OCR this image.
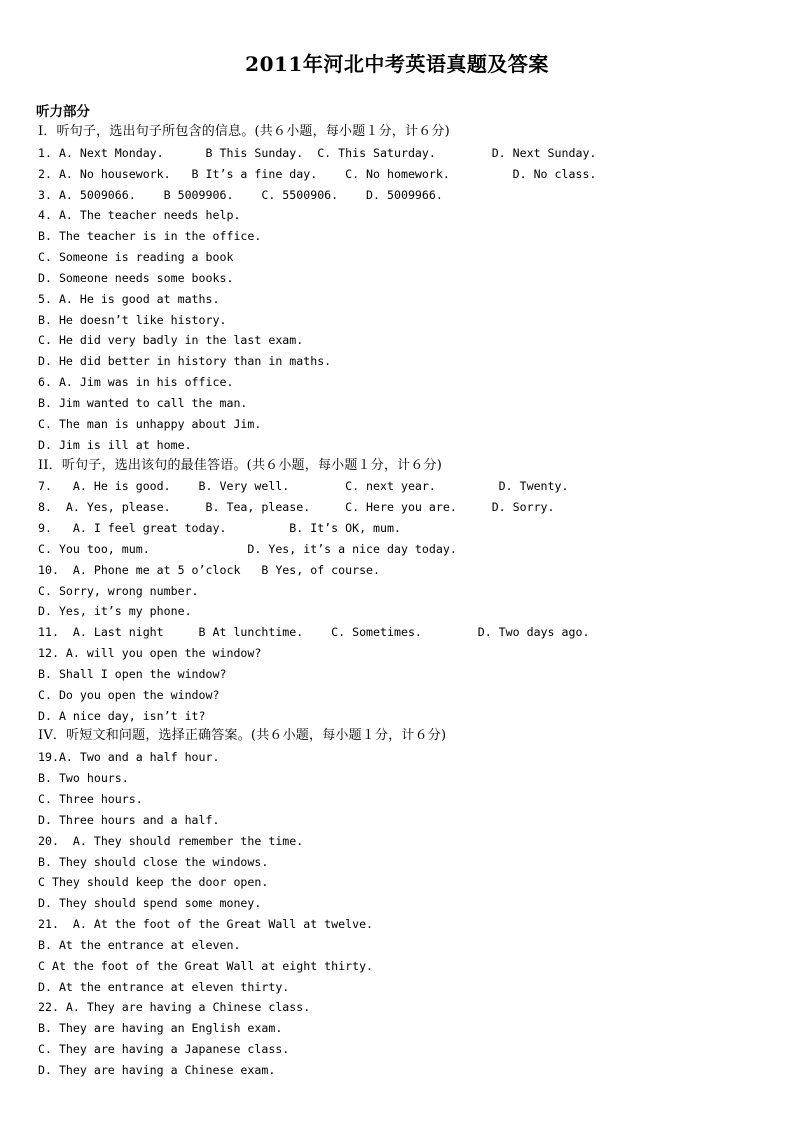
2011年河北中考英语真题及答案
听力部分
I．听句子，选出句子所包含的信息。(共６小题，每小题１分，计６分)
1. A. Next Monday.      B This Sunday.  C. This Saturday.        D. Next Sunday.
2. A. No housework.   B It’s a fine day.    C. No homework.         D. No class.
3. A. 5009066.    B 5009906.    C. 5500906.    D. 5009966.
4. A. The teacher needs help.
B. The teacher is in the office.
C. Someone is reading a book
D. Someone needs some books.
5. A. He is good at maths.
B. He doesn’t like history.
C. He did very badly in the last exam.
D. He did better in history than in maths.
6. A. Jim was in his office.
B. Jim wanted to call the man.
C. The man is unhappy about Jim.
D. Jim is ill at home.
II．听句子，选出该句的最佳答语。(共６小题，每小题１分，计６分)
7.   A. He is good.    B. Very well.        C. next year.         D. Twenty.
8.  A. Yes, please.     B. Tea, please.     C. Here you are.     D. Sorry.
9.   A. I feel great today.         B. It’s OK, mum.
C. You too, mum.              D. Yes, it’s a nice day today.
10.  A. Phone me at 5 o’clock   B Yes, of course.
C. Sorry, wrong number.
D. Yes, it’s my phone.
11.  A. Last night     B At lunchtime.    C. Sometimes.        D. Two days ago.
12. A. will you open the window?
B. Shall I open the window?
C. Do you open the window?
D. A nice day, isn’t it?
IV．听短文和问题，选择正确答案。(共６小题，每小题１分，计６分)
19.A. Two and a half hour.
B. Two hours.
C. Three hours.
D. Three hours and a half.
20.  A. They should remember the time.
B. They should close the windows.
C They should keep the door open.
D. They should spend some money.
21.  A. At the foot of the Great Wall at twelve.
B. At the entrance at eleven.
C At the foot of the Great Wall at eight thirty.
D. At the entrance at eleven thirty.
22. A. They are having a Chinese class.
B. They are having an English exam.
C. They are having a Japanese class.
D. They are having a Chinese exam.
